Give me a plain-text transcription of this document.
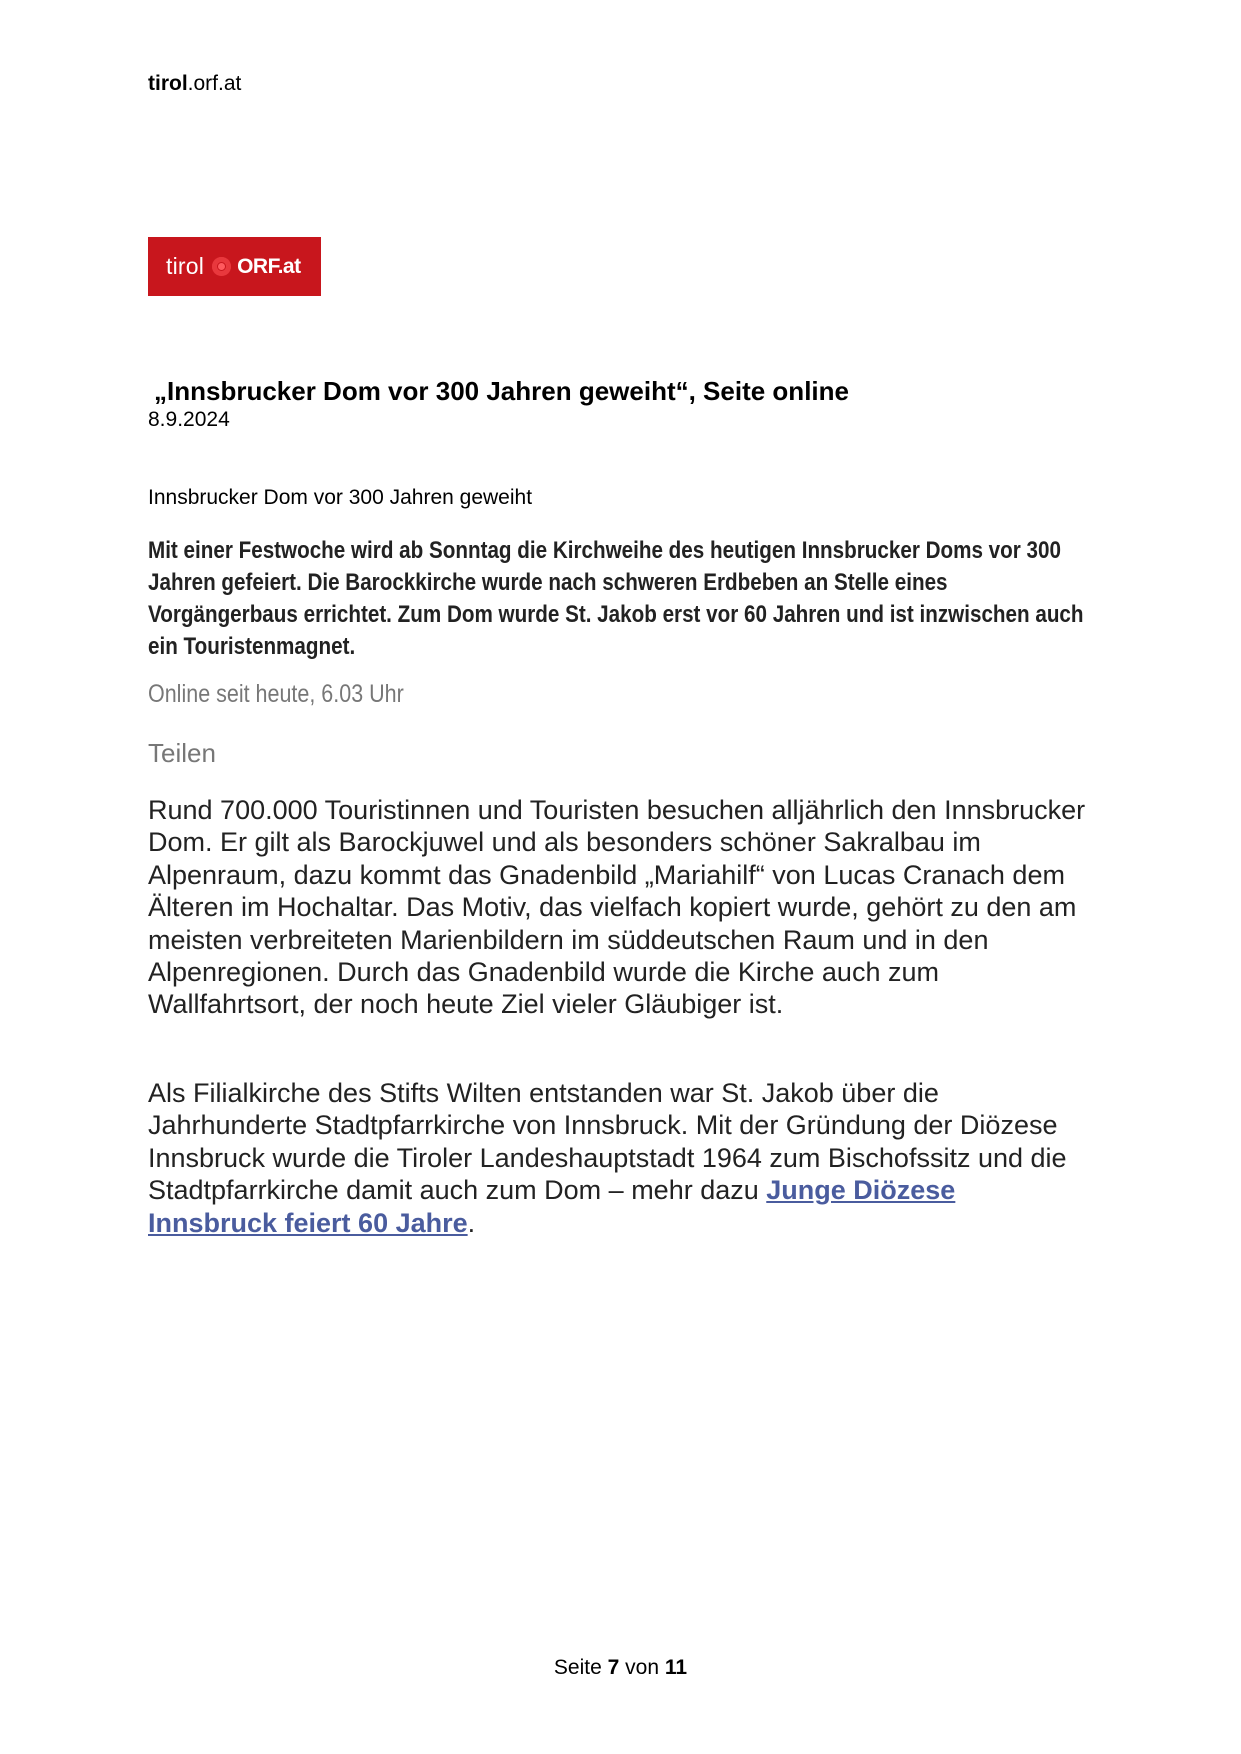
tirol.orf.at
tirol ORF.at
„Innsbrucker Dom vor 300 Jahren geweiht“, Seite online
8.9.2024
Innsbrucker Dom vor 300 Jahren geweiht
Mit einer Festwoche wird ab Sonntag die Kirchweihe des heutigen Innsbrucker Doms vor 300 Jahren gefeiert. Die Barockkirche wurde nach schweren Erdbeben an Stelle eines Vorgängerbaus errichtet. Zum Dom wurde St. Jakob erst vor 60 Jahren und ist inzwischen auch ein Touristenmagnet.
Online seit heute, 6.03 Uhr
Teilen
Rund 700.000 Touristinnen und Touristen besuchen alljährlich den Innsbrucker Dom. Er gilt als Barockjuwel und als besonders schöner Sakralbau im Alpenraum, dazu kommt das Gnadenbild „Mariahilf“ von Lucas Cranach dem Älteren im Hochaltar. Das Motiv, das vielfach kopiert wurde, gehört zu den am meisten verbreiteten Marienbildern im süddeutschen Raum und in den Alpenregionen. Durch das Gnadenbild wurde die Kirche auch zum Wallfahrtsort, der noch heute Ziel vieler Gläubiger ist.
Als Filialkirche des Stifts Wilten entstanden war St. Jakob über die Jahrhunderte Stadtpfarrkirche von Innsbruck. Mit der Gründung der Diözese Innsbruck wurde die Tiroler Landeshauptstadt 1964 zum Bischofssitz und die Stadtpfarrkirche damit auch zum Dom – mehr dazu Junge Diözese Innsbruck feiert 60 Jahre.
Seite 7 von 11
